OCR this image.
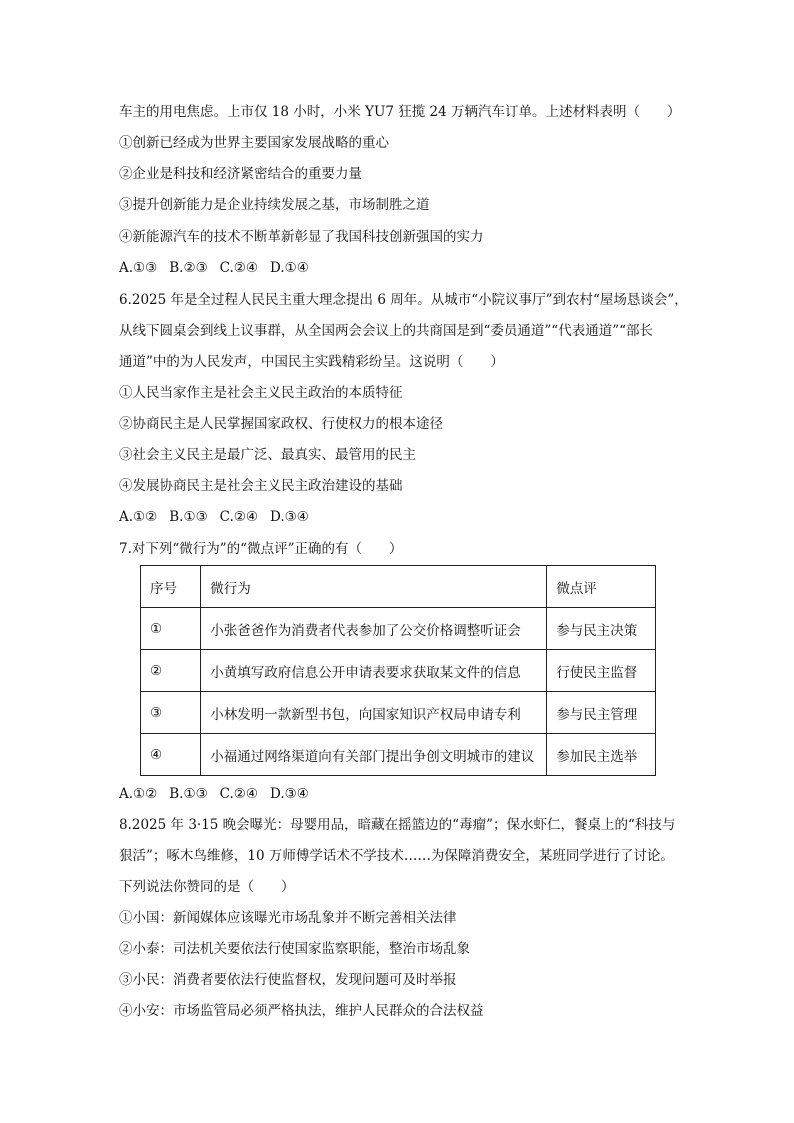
车主的用电焦虑。上市仅 18 小时，小米 YU7 狂揽 24 万辆汽车订单。上述材料表明（　　）
①创新已经成为世界主要国家发展战略的重心
②企业是科技和经济紧密结合的重要力量
③提升创新能力是企业持续发展之基，市场制胜之道
④新能源汽车的技术不断革新彰显了我国科技创新强国的实力
A.①③ B.②③ C.②④ D.①④
6.2025 年是全过程人民民主重大理念提出 6 周年。从城市“小院议事厅”到农村“屋场恳谈会”，
从线下圆桌会到线上议事群，从全国两会会议上的共商国是到“委员通道”“代表通道”“部长
通道”中的为人民发声，中国民主实践精彩纷呈。这说明（　　）
①人民当家作主是社会主义民主政治的本质特征
②协商民主是人民掌握国家政权、行使权力的根本途径
③社会主义民主是最广泛、最真实、最管用的民主
④发展协商民主是社会主义民主政治建设的基础
A.①② B.①③ C.②④ D.③④
7.对下列“微行为”的“微点评”正确的有（　　）
序号	微行为	微点评
①	小张爸爸作为消费者代表参加了公交价格调整听证会	参与民主决策
②	小黄填写政府信息公开申请表要求获取某文件的信息	行使民主监督
③	小林发明一款新型书包，向国家知识产权局申请专利	参与民主管理
④	小福通过网络渠道向有关部门提出争创文明城市的建议	参加民主选举
A.①② B.①③ C.②④ D.③④
8.2025 年 3·15 晚会曝光：母婴用品，暗藏在摇篮边的“毒瘤”；保水虾仁，餐桌上的“科技与
狠活”；啄木鸟维修，10 万师傅学话术不学技术……为保障消费安全，某班同学进行了讨论。
下列说法你赞同的是（　　）
①小国：新闻媒体应该曝光市场乱象并不断完善相关法律
②小泰：司法机关要依法行使国家监察职能，整治市场乱象
③小民：消费者要依法行使监督权，发现问题可及时举报
④小安：市场监管局必须严格执法，维护人民群众的合法权益
